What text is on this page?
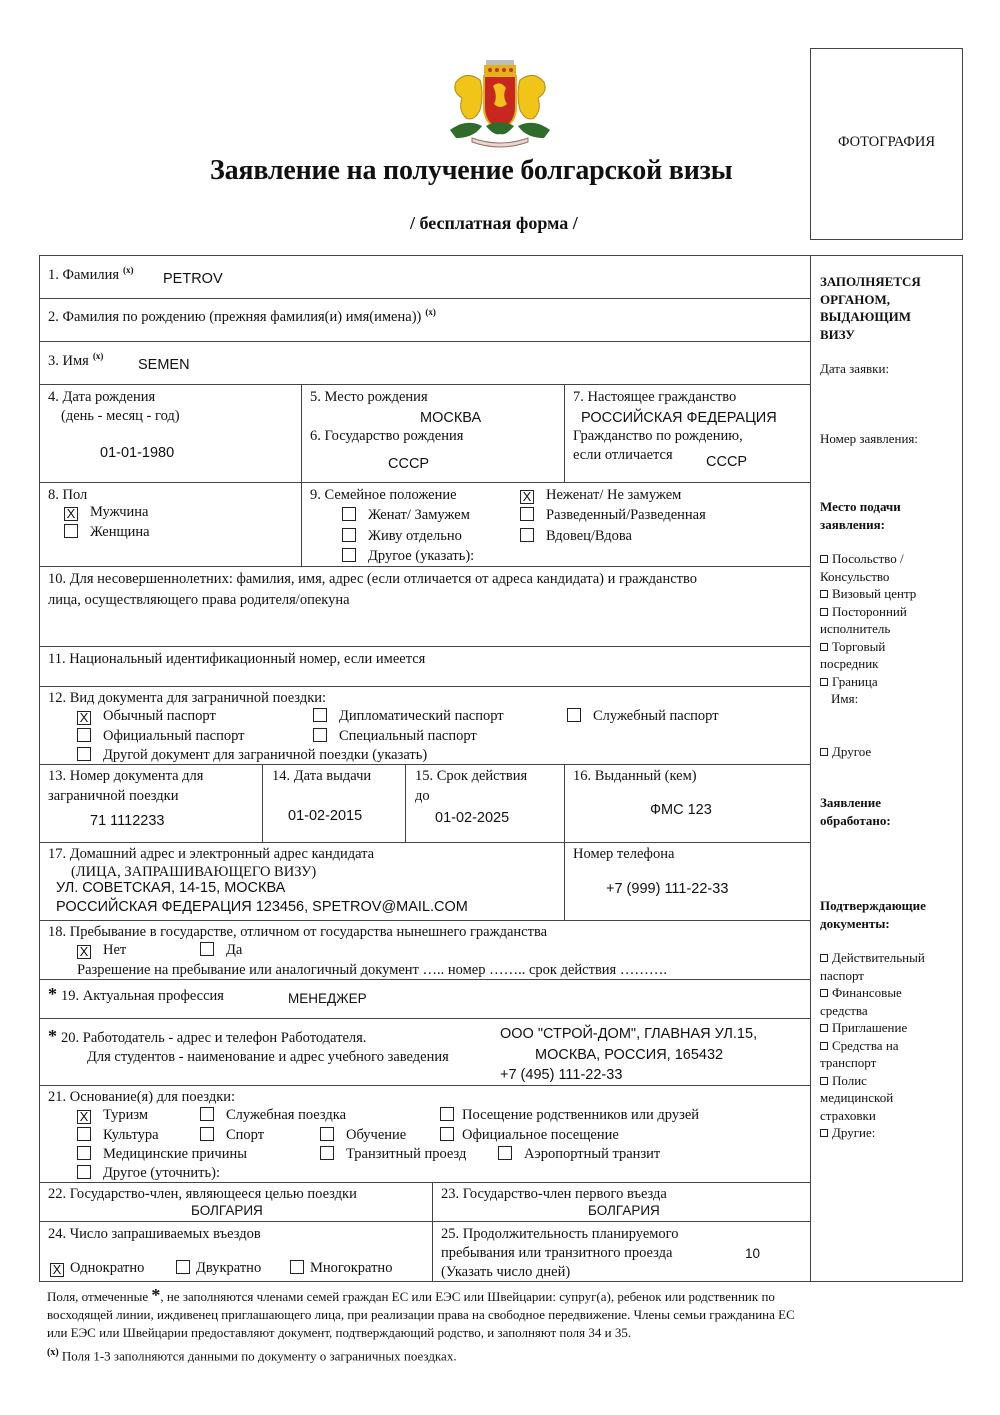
Заявление на получение болгарской визы
/ бесплатная форма /
ФОТОГРАФИЯ
1. Фамилия $^{(x)}$
PETROV
2. Фамилия по рождению (прежняя фамилия(и) имя(имена)) $^{(x)}$
3. Имя $^{(x)}$
SEMEN
4. Дата рождения
(день - месяц - год)
01-01-1980
5. Место рождения
МОСКВА
6. Государство рождения
СССР
7. Настоящее гражданство
РОССИЙСКАЯ ФЕДЕРАЦИЯ
Гражданство по рождению,
если отличается СССР
8. Пол
X Мужчина
Женщина
9. Семейное положение	X Неженат/ Не замужем
Женат/ Замужем	Разведенный/Разведенная
Живу отдельно	Вдовец/Вдова
Другое (указать):
10. Для несовершеннолетних: фамилия, имя, адрес (если отличается от адреса кандидата) и гражданство
лица, осуществляющего права родителя/опекуна
11. Национальный идентификационный номер, если имеется
12. Вид документа для заграничной поездки:
X Обычный паспорт	Дипломатический паспорт	Служебный паспорт
Официальный паспорт	Специальный паспорт
Другой документ для заграничной поездки (указать)
13. Номер документа для
заграничной поездки
71 1112233
14. Дата выдачи
01-02-2015
15. Срок действия
до
01-02-2025
16. Выданный (кем)
ФМС 123
17. Домашний адрес и электронный адрес кандидата
(ЛИЦА, ЗАПРАШИВАЮЩЕГО ВИЗУ)
УЛ. СОВЕТСКАЯ, 14-15, МОСКВА
РОССИЙСКАЯ ФЕДЕРАЦИЯ 123456, SPETROV@MAIL.COM
Номер телефона
+7 (999) 111-22-33
18. Пребывание в государстве, отличном от государства нынешнего гражданства
X Нет	Да
Разрешение на пребывание или аналогичный документ ….. номер …….. срок действия ……….
* 19. Актуальная профессия	МЕНЕДЖЕР
* 20. Работодатель - адрес и телефон Работодателя.
Для студентов - наименование и адрес учебного заведения
ООО "СТРОЙ-ДОМ", ГЛАВНАЯ УЛ.15,
МОСКВА, РОССИЯ, 165432
+7 (495) 111-22-33
21. Основание(я) для поездки:
X Туризм	Служебная поездка	Посещение родственников или друзей
Культура	Спорт	Обучение	Официальное посещение
Медицинские причины	Транзитный проезд	Аэропортный транзит
Другое (уточнить):
22. Государство-член, являющееся целью поездки
БОЛГАРИЯ
23. Государство-член первого въезда
БОЛГАРИЯ
24. Число запрашиваемых въездов
X Однократно	Двукратно	Многократно
25. Продолжительность планируемого
пребывания или транзитного проезда
(Указать число дней)
10
ЗАПОЛНЯЕТСЯ
ОРГАНОМ,
ВЫДАЮЩИМ
ВИЗУ
Дата заявки:
Номер заявления:
Место подачи
заявления:
Посольство /
Консульство
Визовый центр
Посторонний
исполнитель
Торговый
посредник
Граница
Имя:
Другое
Заявление
обработано:
Подтверждающие
документы:
Действительный
паспорт
Финансовые
средства
Приглашение
Средства на
транспорт
Полис
медицинской
страховки
Другие:
Поля, отмеченные *, не заполняются членами семей граждан ЕС или ЕЭС или Швейцарии: супруг(а), ребенок или родственник по
восходящей линии, иждивенец приглашающего лица, при реализации права на свободное передвижение. Члены семьи гражданина ЕС
или ЕЭС или Швейцарии предоставляют документ, подтверждающий родство, и заполняют поля 34 и 35.
$^{(x)}$ Поля 1-3 заполняются данными по документу о заграничных поездках.
